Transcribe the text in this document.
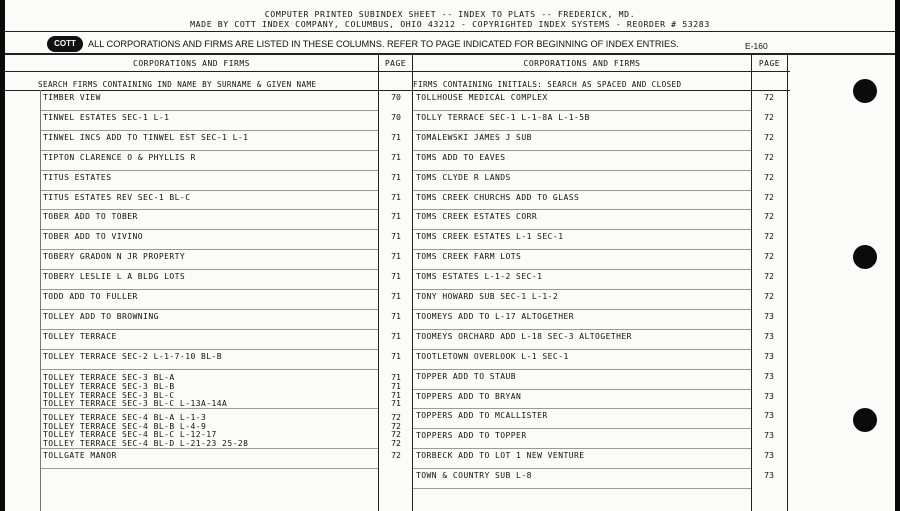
COMPUTER PRINTED SUBINDEX SHEET -- INDEX TO PLATS -- FREDERICK, MD.
MADE BY COTT INDEX COMPANY, COLUMBUS, OHIO 43212 - COPYRIGHTED INDEX SYSTEMS - REORDER # 53283
COTT	ALL CORPORATIONS AND FIRMS ARE LISTED IN THESE COLUMNS. REFER TO PAGE INDICATED FOR BEGINNING OF INDEX ENTRIES.	E-160
CORPORATIONS AND FIRMS	PAGE	CORPORATIONS AND FIRMS	PAGE
SEARCH FIRMS CONTAINING IND NAME BY SURNAME & GIVEN NAME	FIRMS CONTAINING INITIALS: SEARCH AS SPACED AND CLOSED
TIMBER VIEW	70
TINWEL ESTATES SEC-1 L-1	70
TINWEL INCS ADD TO TINWEL EST SEC-1 L-1	71
TIPTON CLARENCE O & PHYLLIS R	71
TITUS ESTATES	71
TITUS ESTATES REV SEC-1 BL-C	71
TOBER ADD TO TOBER	71
TOBER ADD TO VIVINO	71
TOBERY GRADON N JR PROPERTY	71
TOBERY LESLIE L A BLDG LOTS	71
TODD ADD TO FULLER	71
TOLLEY ADD TO BROWNING	71
TOLLEY TERRACE	71
TOLLEY TERRACE SEC-2 L-1-7-10 BL-B	71
TOLLEY TERRACE SEC-3 BL-A	71
TOLLEY TERRACE SEC-3 BL-B	71
TOLLEY TERRACE SEC-3 BL-C	71
TOLLEY TERRACE SEC-3 BL-C L-13A-14A	71
TOLLEY TERRACE SEC-4 BL-A L-1-3	72
TOLLEY TERRACE SEC-4 BL-B L-4-9	72
TOLLEY TERRACE SEC-4 BL-C L-12-17	72
TOLLEY TERRACE SEC-4 BL-D L-21-23 25-28	72
TOLLGATE MANOR	72
TOLLHOUSE MEDICAL COMPLEX	72
TOLLY TERRACE SEC-1 L-1-8A L-1-5B	72
TOMALEWSKI JAMES J SUB	72
TOMS ADD TO EAVES	72
TOMS CLYDE R LANDS	72
TOMS CREEK CHURCHS ADD TO GLASS	72
TOMS CREEK ESTATES CORR	72
TOMS CREEK ESTATES L-1 SEC-1	72
TOMS CREEK FARM LOTS	72
TOMS ESTATES L-1-2 SEC-1	72
TONY HOWARD SUB SEC-1 L-1-2	72
TOOMEYS ADD TO L-17 ALTOGETHER	73
TOOMEYS ORCHARD ADD L-18 SEC-3 ALTOGETHER	73
TOOTLETOWN OVERLOOK L-1 SEC-1	73
TOPPER ADD TO STAUB	73
TOPPERS ADD TO BRYAN	73
TOPPERS ADD TO MCALLISTER	73
TOPPERS ADD TO TOPPER	73
TORBECK ADD TO LOT 1 NEW VENTURE	73
TOWN & COUNTRY SUB L-8	73
